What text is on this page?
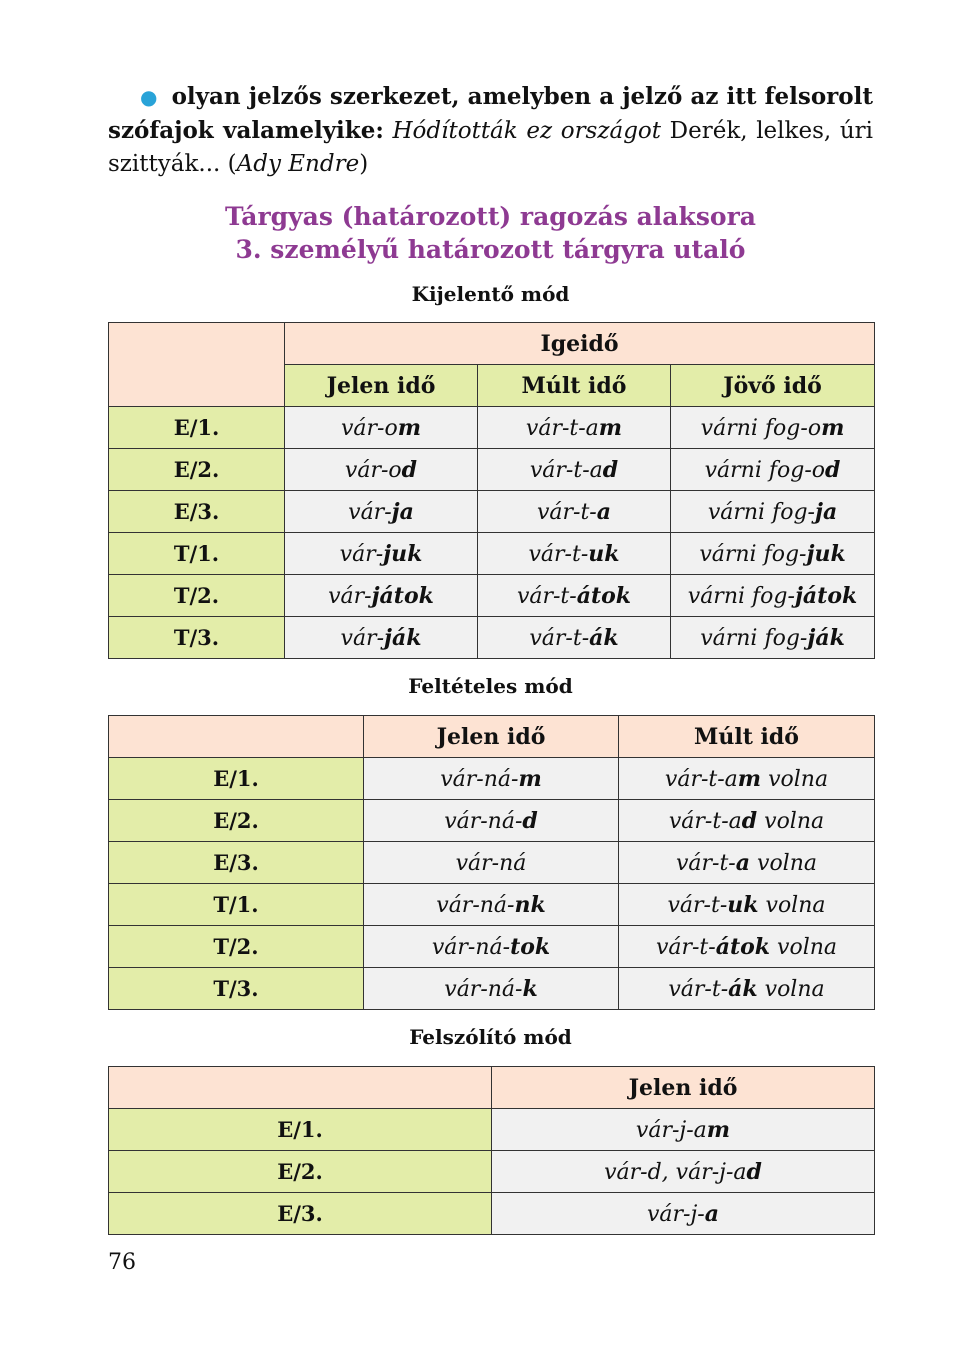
● olyan jelzős szerkezet, amelyben a jelző az itt felsorolt szófajok valamelyike: Hódították ez országot Derék, lelkes, úri szittyák... (Ady Endre)
Tárgyas (határozott) ragozás alaksora
3. személyű határozott tárgyra utaló
Kijelentő mód
	Igeidő		
	Jelen idő	Múlt idő	Jövő idő
E/1.	vár-om	vár-t-am	várni fog-om
E/2.	vár-od	vár-t-ad	várni fog-od
E/3.	vár-ja	vár-t-a	várni fog-ja
T/1.	vár-juk	vár-t-uk	várni fog-juk
T/2.	vár-játok	vár-t-átok	várni fog-játok
T/3.	vár-ják	vár-t-ák	várni fog-ják
Feltételes mód
	Jelen idő	Múlt idő
E/1.	vár-ná-m	vár-t-am volna
E/2.	vár-ná-d	vár-t-ad volna
E/3.	vár-ná	vár-t-a volna
T/1.	vár-ná-nk	vár-t-uk volna
T/2.	vár-ná-tok	vár-t-átok volna
T/3.	vár-ná-k	vár-t-ák volna
Felszólító mód
	Jelen idő
E/1.	vár-j-am
E/2.	vár-d, vár-j-ad
E/3.	vár-j-a
76
